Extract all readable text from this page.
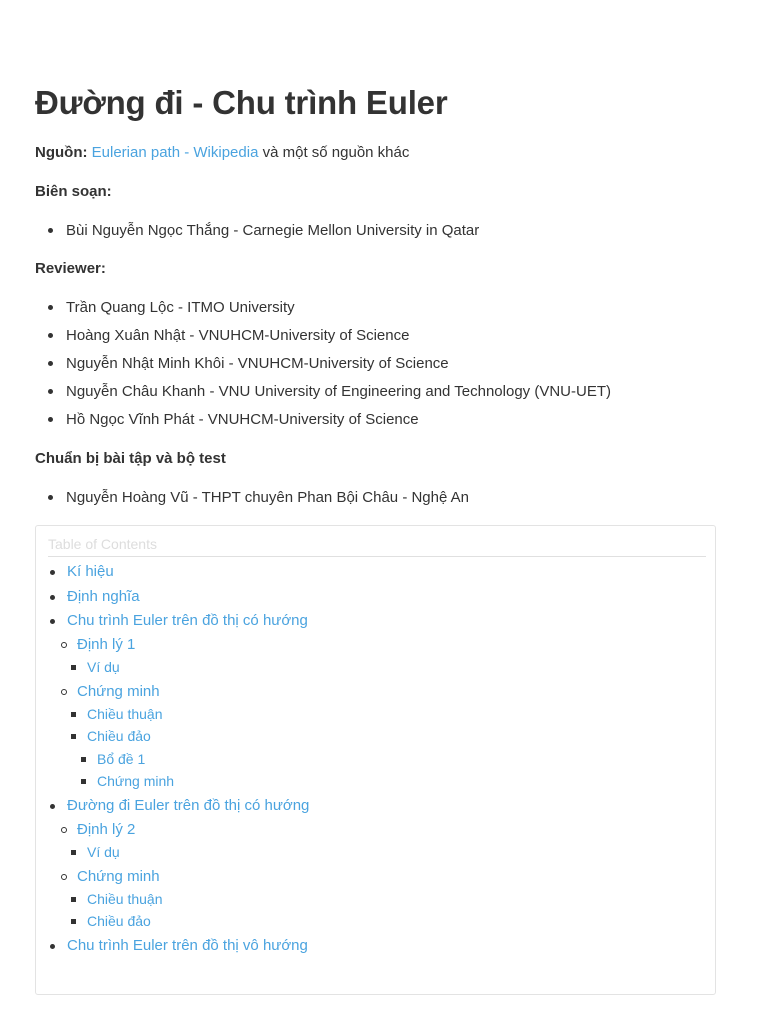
Đường đi - Chu trình Euler
Nguồn: Eulerian path - Wikipedia và một số nguồn khác
Biên soạn:
Bùi Nguyễn Ngọc Thắng - Carnegie Mellon University in Qatar
Reviewer:
Trần Quang Lộc - ITMO University
Hoàng Xuân Nhật - VNUHCM-University of Science
Nguyễn Nhật Minh Khôi - VNUHCM-University of Science
Nguyễn Châu Khanh - VNU University of Engineering and Technology (VNU-UET)
Hồ Ngọc Vĩnh Phát - VNUHCM-University of Science
Chuẩn bị bài tập và bộ test
Nguyễn Hoàng Vũ - THPT chuyên Phan Bội Châu - Nghệ An
Table of Contents
Kí hiệu
Định nghĩa
Chu trình Euler trên đồ thị có hướng
Định lý 1
Ví dụ
Chứng minh
Chiều thuận
Chiều đảo
Bổ đề 1
Chứng minh
Đường đi Euler trên đồ thị có hướng
Định lý 2
Ví dụ
Chứng minh
Chiều thuận
Chiều đảo
Chu trình Euler trên đồ thị vô hướng
